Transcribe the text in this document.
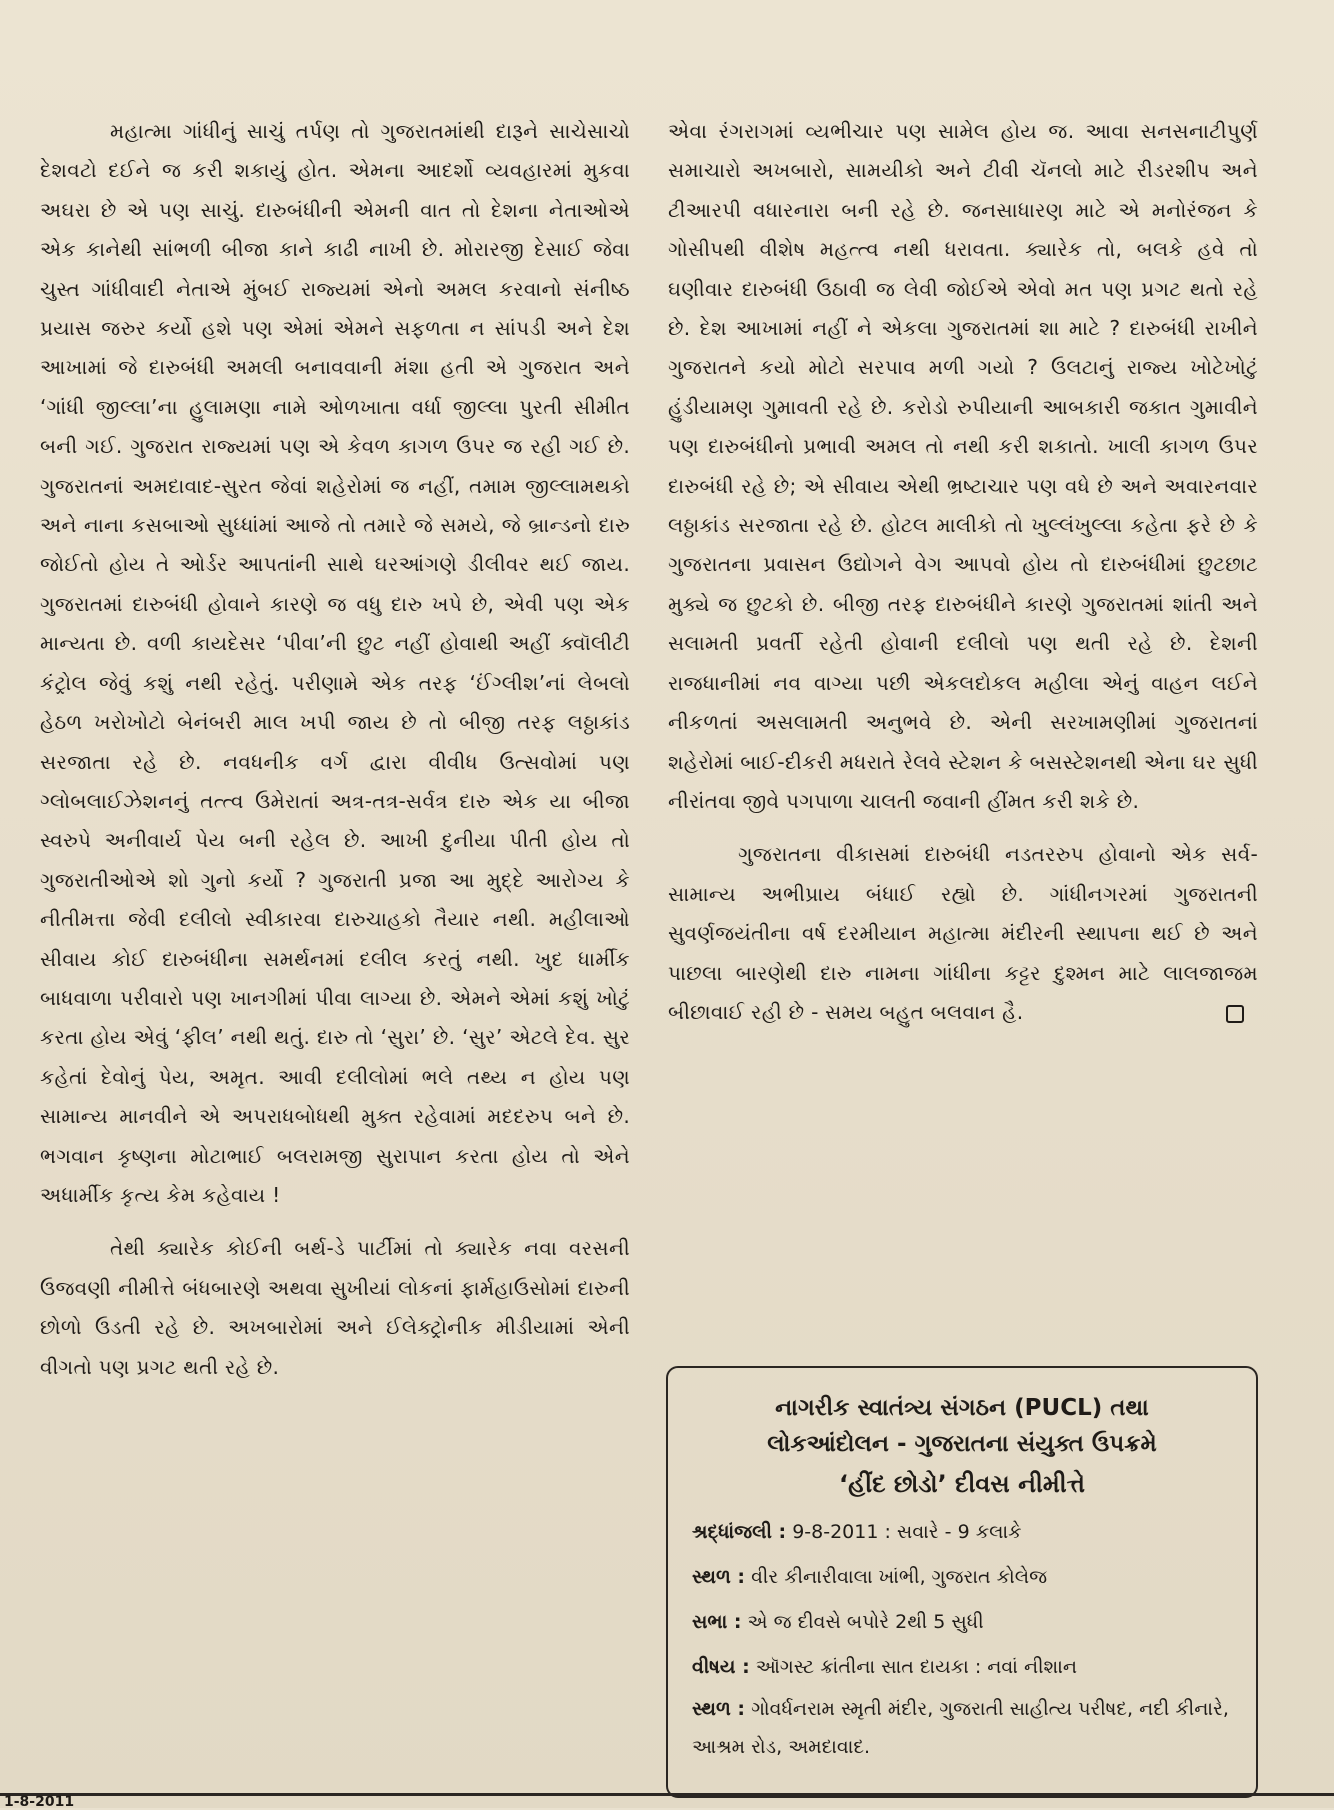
મહાત્મા ગાંધીનું સાચું તર્પણ તો ગુજરાતમાંથી દારૂને સાચેસાચો દેશવટો દઈને જ કરી શકાયું હોત. એમના આદર્શો વ્યવહારમાં મુકવા અઘરા છે એ પણ સાચું. દારુબંધીની એમની વાત તો દેશના નેતાઓએ એક કાનેથી સાંભળી બીજા કાને કાઢી નાખી છે. મોરારજી દેસાઈ જેવા ચુસ્ત ગાંધીવાદી નેતાએ મુંબઈ રાજ્યમાં એનો અમલ કરવાનો સંનીષ્ઠ પ્રયાસ જરુર કર્યો હશે પણ એમાં એમને સફળતા ન સાંપડી અને દેશ આખામાં જે દારુબંધી અમલી બનાવવાની મંશા હતી એ ગુજરાત અને ‘ગાંધી જીલ્લા’ના હુલામણા નામે ઓળખાતા વર્ધા જીલ્લા પુરતી સીમીત બની ગઈ. ગુજરાત રાજ્યમાં પણ એ કેવળ કાગળ ઉપર જ રહી ગઈ છે. ગુજરાતનાં અમદાવાદ-સુરત જેવાં શહેરોમાં જ નહીં, તમામ જીલ્લામથકો અને નાના કસબાઓ સુધ્ધાંમાં આજે તો તમારે જે સમયે, જે બ્રાન્ડનો દારુ જોઈતો હોય તે ઓર્ડર આપતાંની સાથે ઘરઆંગણે ડીલીવર થઈ જાય. ગુજરાતમાં દારુબંધી હોવાને કારણે જ વધુ દારુ ખપે છે, એવી પણ એક માન્યતા છે. વળી કાયદેસર ‘પીવા’ની છુટ નહીં હોવાથી અહીં ક્વૉલીટી કંટ્રોલ જેવું કશું નથી રહેતું. પરીણામે એક તરફ ‘ઈંગ્લીશ’નાં લેબલો હેઠળ ખરોખોટો બેનંબરી માલ ખપી જાય છે તો બીજી તરફ લઠ્ઠાકાંડ સરજાતા રહે છે. નવધનીક વર્ગ દ્વારા વીવીધ ઉત્સવોમાં પણ ગ્લોબલાઈઝેશનનું તત્ત્વ ઉમેરાતાં અત્ર-તત્ર-સર્વત્ર દારુ એક યા બીજા સ્વરુપે અનીવાર્ય પેય બની રહેલ છે. આખી દુનીયા પીતી હોય તો ગુજરાતીઓએ શો ગુનો કર્યો ? ગુજરાતી પ્રજા આ મુદ્દે આરોગ્ય કે નીતીમત્તા જેવી દલીલો સ્વીકારવા દારુચાહકો તૈયાર નથી. મહીલાઓ સીવાય કોઈ દારુબંધીના સમર્થનમાં દલીલ કરતું નથી. ખુદ ધાર્મીક બાધવાળા પરીવારો પણ ખાનગીમાં પીવા લાગ્યા છે. એમને એમાં કશું ખોટું કરતા હોય એવું ‘ફીલ’ નથી થતું. દારુ તો ‘સુરા’ છે. ‘સુર’ એટલે દેવ. સુર કહેતાં દેવોનું પેય, અમૃત. આવી દલીલોમાં ભલે તથ્ય ન હોય પણ સામાન્ય માનવીને એ અપરાધબોધથી મુક્ત રહેવામાં મદદરુપ બને છે. ભગવાન કૃષ્ણના મોટાભાઈ બલરામજી સુરાપાન કરતા હોય તો એને અધાર્મીક કૃત્ય કેમ કહેવાય !

તેથી ક્યારેક કોઈની બર્થ-ડે પાર્ટીમાં તો ક્યારેક નવા વરસની ઉજવણી નીમીત્તે બંધબારણે અથવા સુખીયાં લોકનાં ફાર્મહાઉસોમાં દારુની છોળો ઉડતી રહે છે. અખબારોમાં અને ઈલેક્ટ્રોનીક મીડીયામાં એની વીગતો પણ પ્રગટ થતી રહે છે.

એવા રંગરાગમાં વ્યભીચાર પણ સામેલ હોય જ. આવા સનસનાટીપુર્ણ સમાચારો અખબારો, સામયીકો અને ટીવી ચૅનલો માટે રીડરશીપ અને ટીઆરપી વધારનારા બની રહે છે. જનસાધારણ માટે એ મનોરંજન કે ગોસીપથી વીશેષ મહત્ત્વ નથી ધરાવતા. ક્યારેક તો, બલકે હવે તો ઘણીવાર દારુબંધી ઉઠાવી જ લેવી જોઈએ એવો મત પણ પ્રગટ થતો રહે છે. દેશ આખામાં નહીં ને એકલા ગુજરાતમાં શા માટે ? દારુબંધી રાખીને ગુજરાતને કયો મોટો સરપાવ મળી ગયો ? ઉલટાનું રાજ્ય ખોટેખોટું હુંડીયામણ ગુમાવતી રહે છે. કરોડો રુપીયાની આબકારી જકાત ગુમાવીને પણ દારુબંધીનો પ્રભાવી અમલ તો નથી કરી શકાતો. ખાલી કાગળ ઉપર દારુબંધી રહે છે; એ સીવાય એથી ભ્રષ્ટાચાર પણ વધે છે અને અવારનવાર લઠ્ઠાકાંડ સરજાતા રહે છે. હોટલ માલીકો તો ખુલ્લંખુલ્લા કહેતા ફરે છે કે ગુજરાતના પ્રવાસન ઉદ્યોગને વેગ આપવો હોય તો દારુબંધીમાં છુટછાટ મુક્યે જ છુટકો છે. બીજી તરફ દારુબંધીને કારણે ગુજરાતમાં શાંતી અને સલામતી પ્રવર્તી રહેતી હોવાની દલીલો પણ થતી રહે છે. દેશની રાજધાનીમાં નવ વાગ્યા પછી એકલદોકલ મહીલા એનું વાહન લઈને નીકળતાં અસલામતી અનુભવે છે. એની સરખામણીમાં ગુજરાતનાં શહેરોમાં બાઈ-દીકરી મધરાતે રેલવે સ્ટેશન કે બસસ્ટેશનથી એના ઘર સુધી નીરાંતવા જીવે પગપાળા ચાલતી જવાની હીંમત કરી શકે છે.

ગુજરાતના વીકાસમાં દારુબંધી નડતરરુપ હોવાનો એક સર્વ-સામાન્ય અભીપ્રાય બંધાઈ રહ્યો છે. ગાંધીનગરમાં ગુજરાતની સુવર્ણજયંતીના વર્ષ દરમીયાન મહાત્મા મંદીરની સ્થાપના થઈ છે અને પાછલા બારણેથી દારુ નામના ગાંધીના કટ્ટર દુશ્મન માટે લાલજાજમ બીછાવાઈ રહી છે - સમય બહુત બલવાન હૈ.

નાગરીક સ્વાતંત્ર્ય સંગઠન (PUCL) તથા

લોકઆંદોલન - ગુજરાતના સંયુક્ત ઉપક્રમે

‘હીંદ છોડો’ દીવસ નીમીત્તે

શ્રદ્ધાંજલી : 9-8-2011 : સવારે - 9 કલાકે

સ્થળ : વીર કીનારીવાલા ખાંભી, ગુજરાત કોલેજ

સભા : એ જ દીવસે બપોરે 2થી 5 સુધી

વીષય : ઑગસ્ટ ક્રાંતીના સાત દાયકા : નવાં નીશાન

સ્થળ : ગોવર્ધનરામ સ્મૃતી મંદીર, ગુજરાતી સાહીત્ય પરીષદ, નદી કીનારે, આશ્રમ રોડ, અમદાવાદ.

1-8-2011
